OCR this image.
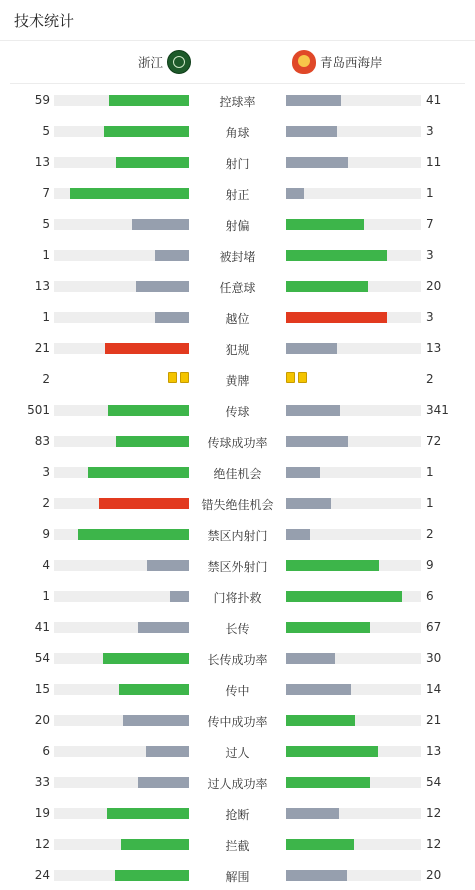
技术统计
浙江	青岛西海岸
59	控球率	41
5	角球	3
13	射门	11
7	射正	1
5	射偏	7
1	被封堵	3
13	任意球	20
1	越位	3
21	犯规	13
2	黄牌	2
501	传球	341
83	传球成功率	72
3	绝佳机会	1
2	错失绝佳机会	1
9	禁区内射门	2
4	禁区外射门	9
1	门将扑救	6
41	长传	67
54	长传成功率	30
15	传中	14
20	传中成功率	21
6	过人	13
33	过人成功率	54
19	抢断	12
12	拦截	12
24	解围	20
